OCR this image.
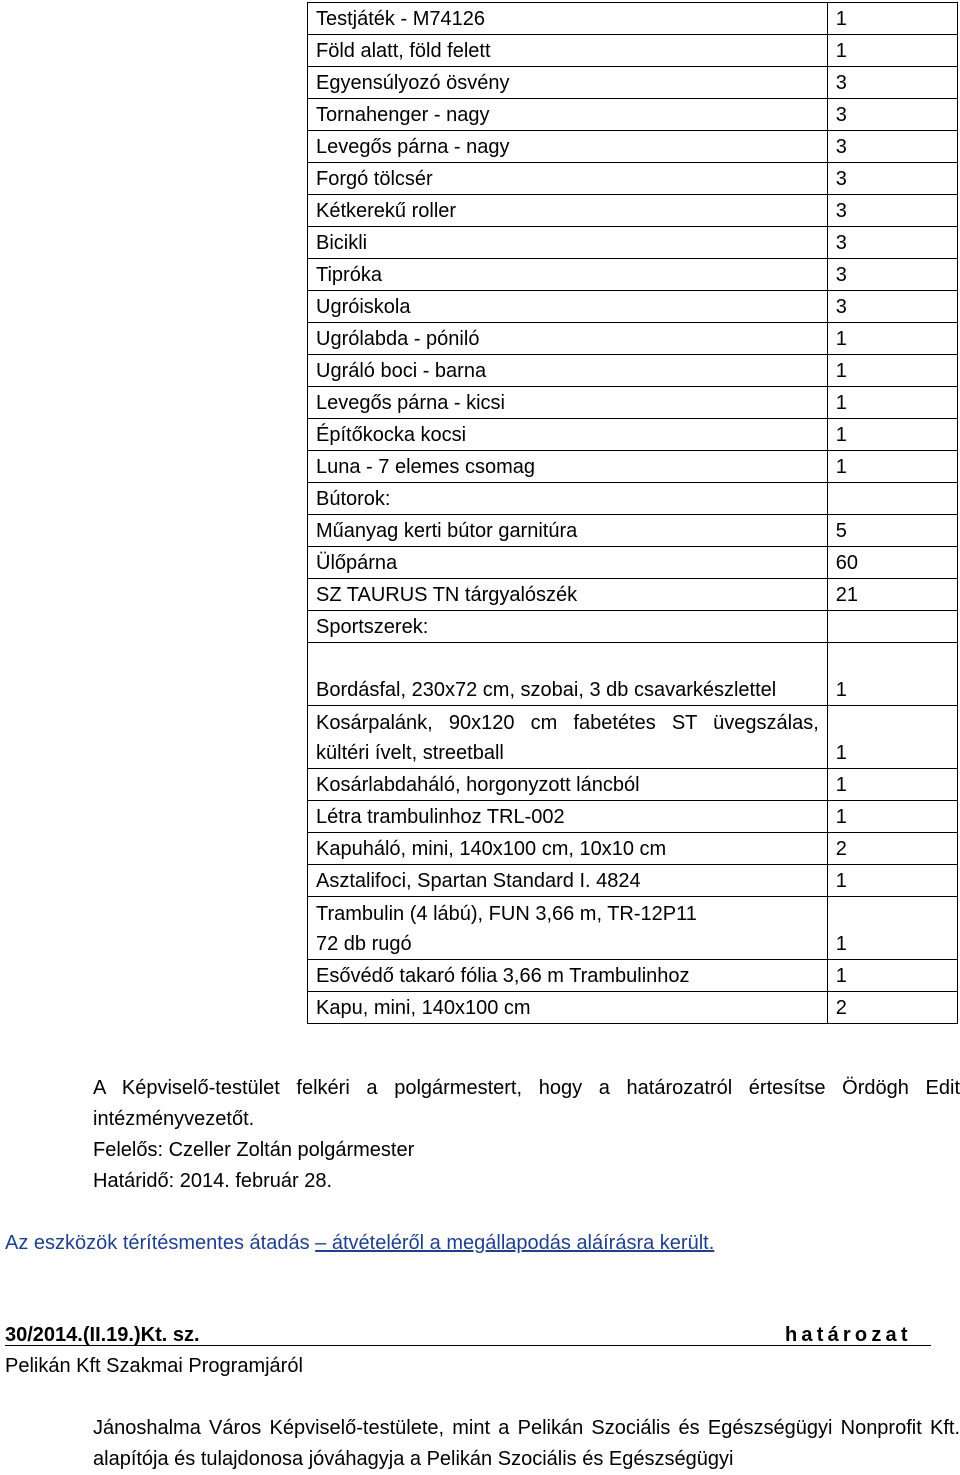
Testjáték - M74126	1
Föld alatt, föld felett	1
Egyensúlyozó ösvény	3
Tornahenger - nagy	3
Levegős párna - nagy	3
Forgó tölcsér	3
Kétkerekű roller	3
Bicikli	3
Tipróka	3
Ugróiskola	3
Ugrólabda - póniló	1
Ugráló boci - barna	1
Levegős párna - kicsi	1
Építőkocka kocsi	1
Luna - 7 elemes csomag	1
Bútorok:	
Műanyag kerti bútor garnitúra	5
Ülőpárna	60
SZ TAURUS TN tárgyalószék	21
Sportszerek:	
Bordásfal, 230x72 cm, szobai, 3 db csavarkészlettel	1
Kosárpalánk, 90x120 cm fabetétes ST üvegszálas, kültéri ívelt, streetball	1
Kosárlabdaháló, horgonyzott láncból	1
Létra trambulinhoz TRL-002	1
Kapuháló, mini, 140x100 cm, 10x10 cm	2
Asztalifoci, Spartan Standard I. 4824	1

Trambulin (4 lábú), FUN 3,66 m, TR-12P11
72 db rugó	1
Esővédő takaró fólia 3,66 m Trambulinhoz	1
Kapu, mini, 140x100 cm	2
A Képviselő-testület felkéri a polgármestert, hogy a határozatról értesítse Ördögh Edit intézményvezetőt.
Felelős: Czeller Zoltán polgármester
Határidő: 2014. február 28.
Az eszközök térítésmentes átadás – átvételéről a megállapodás aláírásra került.
30/2014.(II.19.)Kt. sz.	határozat
Pelikán Kft Szakmai Programjáról
Jánoshalma Város Képviselő-testülete, mint a Pelikán Szociális és Egészségügyi Nonprofit Kft. alapítója és tulajdonosa jóváhagyja a Pelikán Szociális és Egészségügyi
